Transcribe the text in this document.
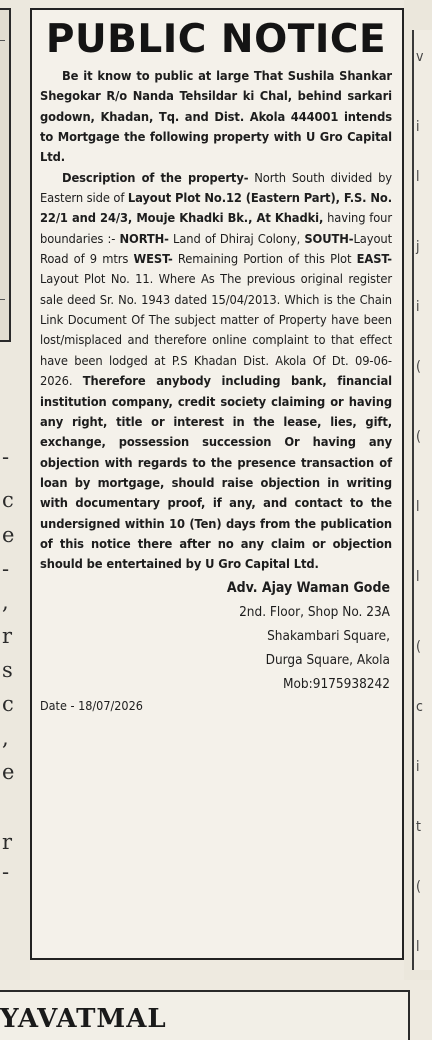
-
c
e
-
,
r
s
c
,
e
r
-
PUBLIC NOTICE

Be it know to public at large That Sushila Shankar Shegokar R/o Nanda Tehsildar ki Chal, behind sarkari godown, Khadan, Tq. and Dist. Akola 444001 intends to Mortgage the following property with U Gro Capital Ltd.

Description of the property- North South divided by Eastern side of Layout Plot No.12 (Eastern Part), F.S. No. 22/1 and 24/3, Mouje Khadki Bk., At Khadki, having four boundaries :- NORTH- Land of Dhiraj Colony, SOUTH-Layout Road of 9 mtrs WEST- Remaining Portion of this Plot EAST- Layout Plot No. 11. Where As The previous original register sale deed Sr. No. 1943 dated 15/04/2013. Which is the Chain Link Document Of The subject matter of Property have been lost/misplaced and therefore online complaint to that effect have been lodged at P.S Khadan Dist. Akola Of Dt. 09-06-2026. Therefore anybody including bank, financial institution company, credit society claiming or having any right, title or interest in the lease, lies, gift, exchange, possession succession Or having any objection with regards to the presence transaction of loan by mortgage, should raise objection in writing with documentary proof, if any, and contact to the undersigned within 10 (Ten) days from the publication of this notice there after no any claim or objection should be entertained by U Gro Capital Ltd.

Adv. Ajay Waman Gode
2nd. Floor, Shop No. 23A
Shakambari Square,
Durga Square, Akola
Mob:9175938242
Date - 18/07/2026
v
i
l
j
i
(
(
l
l
(
c
i
t
(
l
YAVATMAL
